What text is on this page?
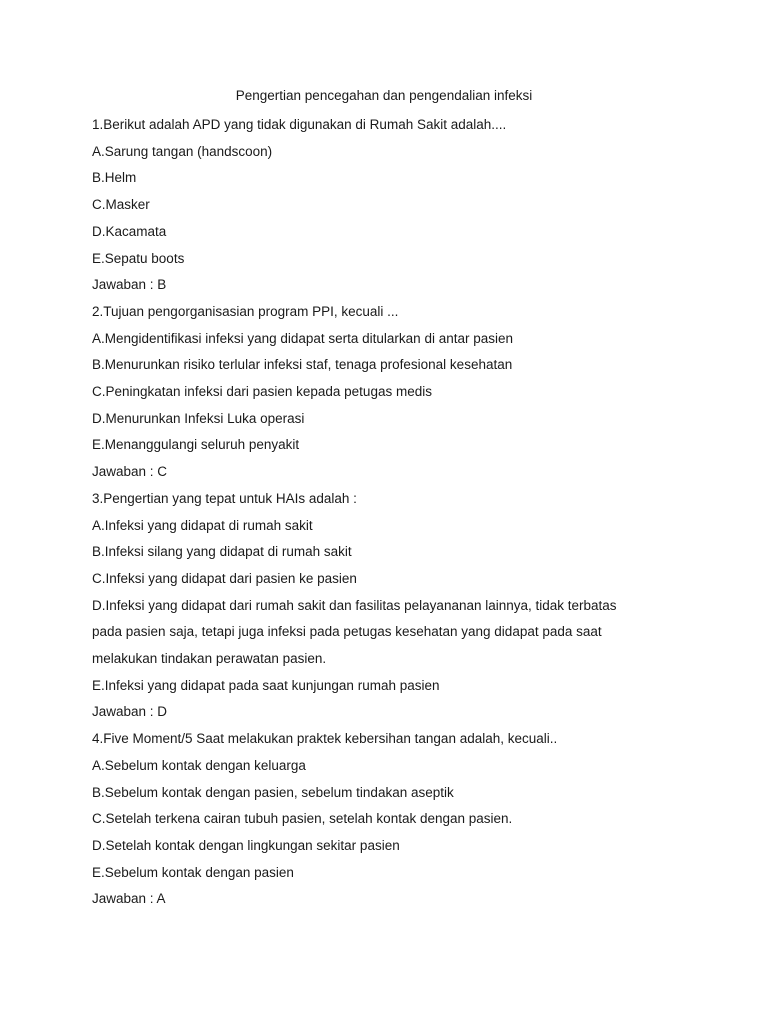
Pengertian pencegahan dan pengendalian infeksi
1.Berikut adalah APD yang tidak digunakan di Rumah Sakit adalah....
A.Sarung tangan (handscoon)
B.Helm
C.Masker
D.Kacamata
E.Sepatu boots
Jawaban : B
2.Tujuan pengorganisasian program PPI, kecuali ...
A.Mengidentifikasi infeksi yang didapat serta ditularkan di antar pasien
B.Menurunkan risiko terlular infeksi staf, tenaga profesional kesehatan
C.Peningkatan infeksi dari pasien kepada petugas medis
D.Menurunkan Infeksi Luka operasi
E.Menanggulangi seluruh penyakit
Jawaban : C
3.Pengertian yang tepat untuk HAIs adalah :
A.Infeksi yang didapat di rumah sakit
B.Infeksi silang yang didapat di rumah sakit
C.Infeksi yang didapat dari pasien ke pasien
D.Infeksi yang didapat dari rumah sakit dan fasilitas pelayananan lainnya, tidak terbatas
pada pasien saja, tetapi juga infeksi pada petugas kesehatan yang didapat pada saat
melakukan tindakan perawatan pasien.
E.Infeksi yang didapat pada saat kunjungan rumah pasien
Jawaban : D
4.Five Moment/5 Saat melakukan praktek kebersihan tangan adalah, kecuali..
A.Sebelum kontak dengan keluarga
B.Sebelum kontak dengan pasien, sebelum tindakan aseptik
C.Setelah terkena cairan tubuh pasien, setelah kontak dengan pasien.
D.Setelah kontak dengan lingkungan sekitar pasien
E.Sebelum kontak dengan pasien
Jawaban : A
